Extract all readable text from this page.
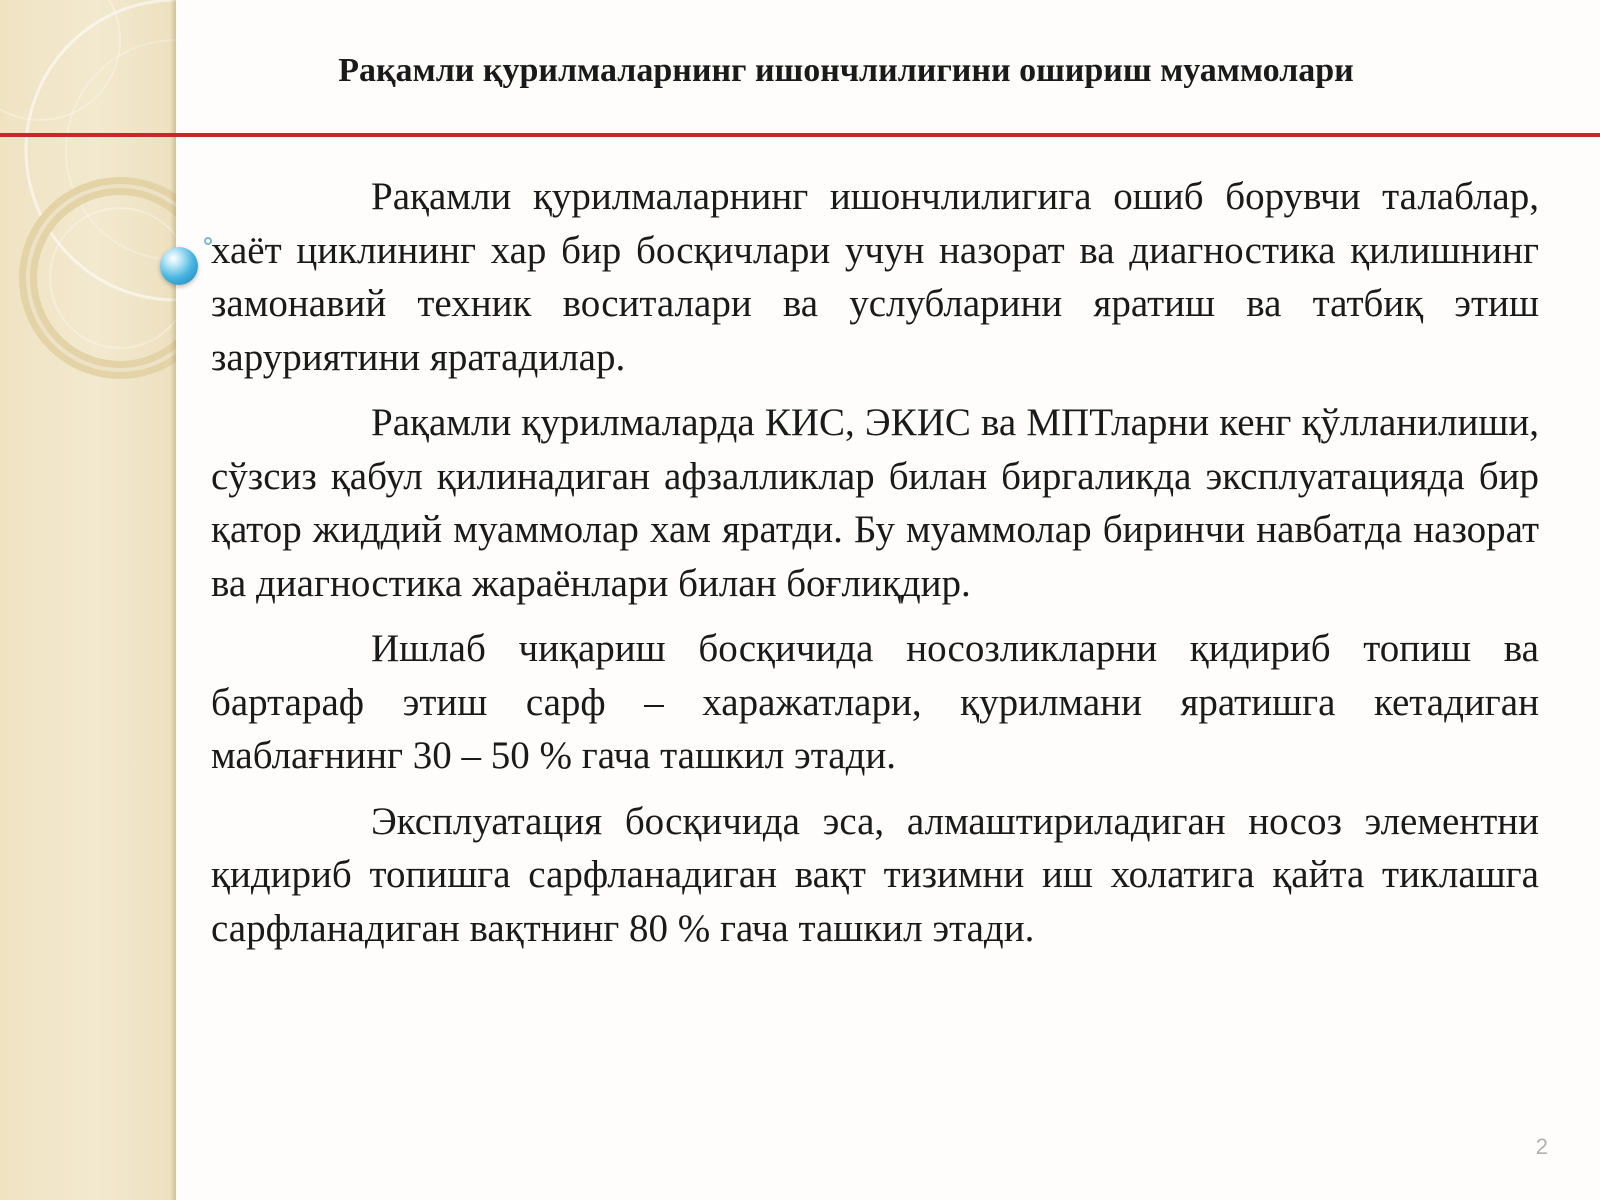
Рақамли қурилмаларнинг ишончлилигини ошириш муаммолари

Рақамли қурилмаларнинг ишончлилигига ошиб борувчи талаблар, хаёт циклининг хар бир босқичлари учун назорат ва диагностика қилишнинг замонавий техник воситалари ва услубларини яратиш ва татбиқ этиш заруриятини яратадилар.

Рақамли қурилмаларда КИС, ЭКИС ва МПТларни кенг қўлланилиши, сўзсиз қабул қилинадиган афзалликлар билан биргаликда эксплуатацияда бир қатор жиддий муаммолар хам яратди. Бу муаммолар биринчи навбатда назорат ва диагностика жараёнлари билан боғлиқдир.

Ишлаб чиқариш босқичида носозликларни қидириб топиш ва бартараф этиш сарф – харажатлари, қурилмани яратишга кетадиган маблағнинг 30 – 50 % гача ташкил этади.

Эксплуатация босқичида эса, алмаштириладиган носоз элементни қидириб топишга сарфланадиган вақт тизимни иш холатига қайта тиклашга сарфланадиган вақтнинг 80 % гача ташкил этади.

2
